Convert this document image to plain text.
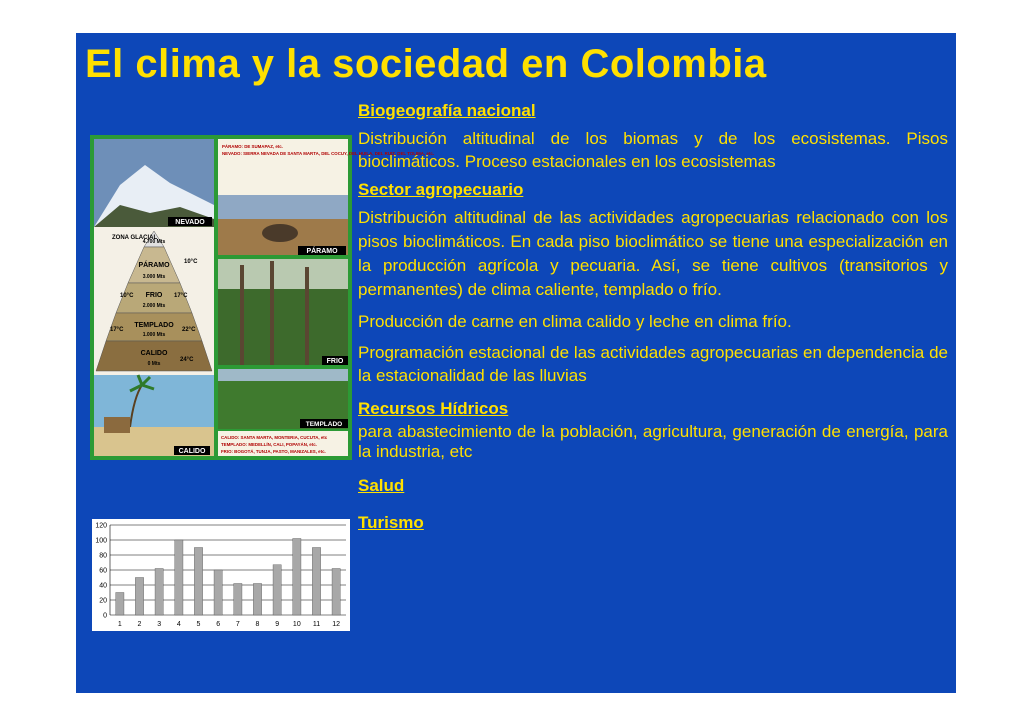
El clima y la sociedad en Colombia
NEVADO
ZONA GLACIAL
4.700 Mts
PÁRAMO
3.000 Mts
FRIO
2.000 Mts
TEMPLADO
1.000 Mts
CALIDO
0 Mts
10°C
10°C	17°C
17°C	22°C
24°C
CALIDO
PÁRAMO: DE SUMAPAZ, etc.
NEVADO: SIERRA NEVADA DE SANTA MARTA, DEL COCUY, DEL HUILA, DEL RUIZ, DEL TOLIMA, etc.
PÁRAMO
FRIO
TEMPLADO
CALIDO: SANTA MARTA, MONTERIA, CUCUTA, etc
TEMPLADO: MEDELLÍN, CALI, POPAYÁN, etc.
FRIO: BOGOTÁ, TUNJA, PASTO, MANIZALES, etc.
0
20
40
60
80
100
120
1 2 3 4 5 6 7 8 9 10 11 12
Biogeografía nacional
Distribución altitudinal de los biomas y de los ecosistemas. Pisos bioclimáticos. Proceso estacionales en los ecosistemas
Sector agropecuario
Distribución altitudinal de las actividades agropecuarias relacionado con los pisos bioclimáticos. En cada piso bioclimático se tiene una especialización en la producción agrícola y pecuaria. Así, se tiene cultivos (transitorios y permanentes) de clima caliente, templado o frío.
Producción de carne en clima calido y leche en clima frío.
Programación estacional de las actividades agropecuarias en dependencia de la estacionalidad de las lluvias
Recursos Hídricos
para abastecimiento de la población, agricultura, generación de energía, para la industria, etc
Salud
Turismo
